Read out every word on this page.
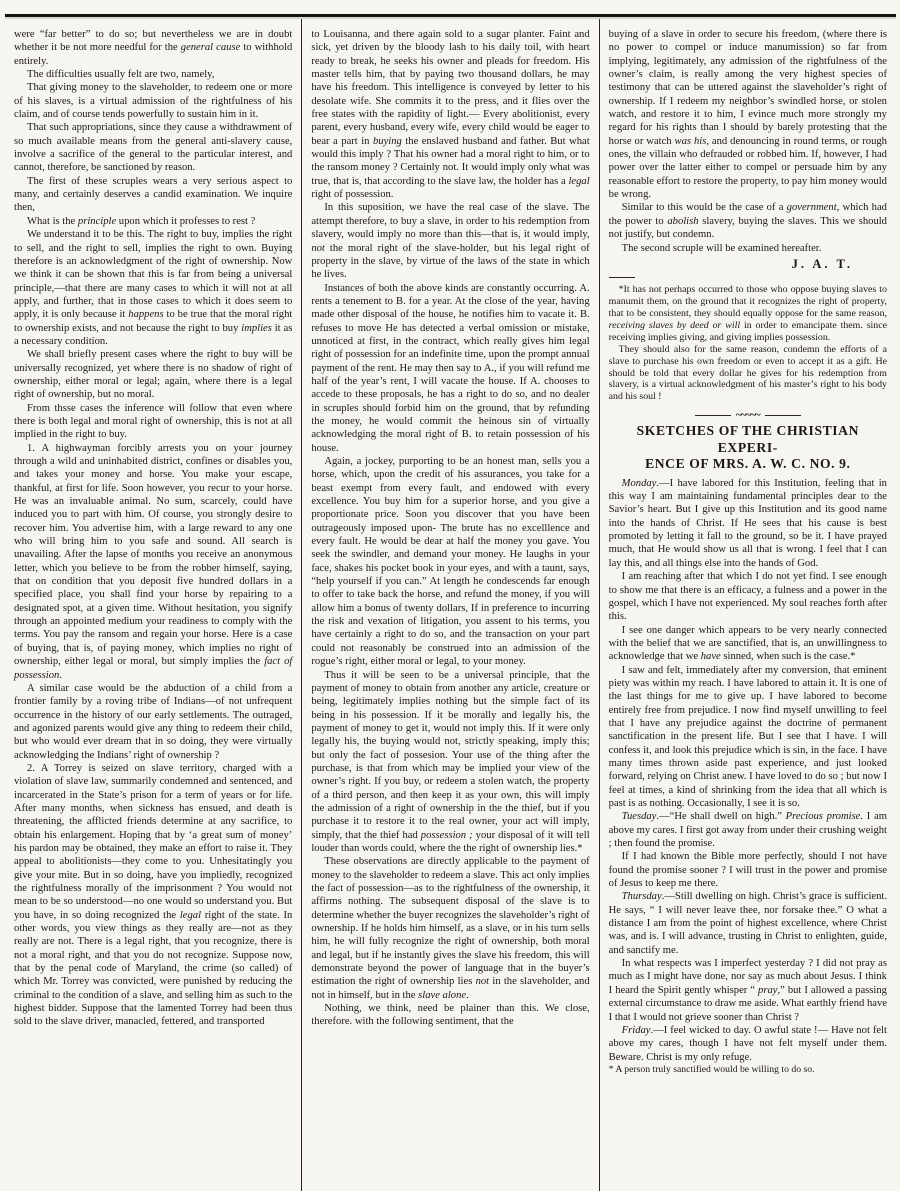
were “far better” to do so; but nevertheless we are in doubt whether it be not more needful for the general cause to withhold entirely.

The difficulties usually felt are two, namely,

That giving money to the slaveholder, to redeem one or more of his slaves, is a virtual admission of the rightfulness of his claim, and of course tends powerfully to sustain him in it.

That such appropriations, since they cause a withdrawment of so much available means from the general anti-slavery cause, involve a sacrifice of the general to the particular interest, and cannot, therefore, be sanctioned by reason.

The first of these scruples wears a very serious aspect to many, and certainly deserves a candid examination. We inquire then,

What is the principle upon which it professes to rest ?

We understand it to be this. The right to buy, implies the right to sell, and the right to sell, implies the right to own. Buying therefore is an acknowledgment of the right of ownership. Now we think it can be shown that this is far from being a universal principle,—that there are many cases to which it will not at all apply, and further, that in those cases to which it does seem to apply, it is only because it happens to be true that the moral right to ownership exists, and not because the right to buy implies it as a necessary condition.

We shall briefly present cases where the right to buy will be universally recognized, yet where there is no shadow of right of ownership, either moral or legal; again, where there is a legal right of ownership, but no moral.

From thsse cases the inference will follow that even where there is both legal and moral right of ownership, this is not at all implied in the right to buy.

1. A highwayman forcibly arrests you on your journey through a wild and uninhabited district, confines or disables you, and takes your money and horse. You make your escape, thankful, at first for life. Soon however, you recur to your horse. He was an invaluable animal. No sum, scarcely, could have induced you to part with him. Of course, you strongly desire to recover him. You advertise him, with a large reward to any one who will bring him to you safe and sound. All search is unavailing. After the lapse of months you receive an anonymous letter, which you believe to be from the robber himself, saying, that on condition that you deposit five hundred dollars in a specified place, you shall find your horse by repairing to a designated spot, at a given time. Without hesitation, you signify through an appointed medium your readiness to comply with the terms. You pay the ransom and regain your horse. Here is a case of buying, that is, of paying money, which implies no right of ownership, either legal or moral, but simply implies the fact of possession.

A similar case would be the abduction of a child from a frontier family by a roving tribe of Indians—of not unfrequent occurrence in the history of our early settlements. The outraged, and agonized parents would give any thing to redeem their child, but who would ever dream that in so doing, they were virtually acknowledging the Indians’ right of ownership ?

2. A Torrey is seized on slave territory, charged with a violation of slave law, summarily condemned and sentenced, and incarcerated in the State’s prison for a term of years or for life. After many months, when sickness has ensued, and death is threatening, the afflicted friends determine at any sacrifice, to obtain his enlargement. Hoping that by ‘a great sum of money’ his pardon may be obtained, they make an effort to raise it. They appeal to abolitionists—they come to you. Unhesitatingly you give your mite. But in so doing, have you impliedly, recognized the rightfulness morally of the imprisonment ? You would not mean to be so understood—no one would so understand you. But you have, in so doing recognized the legal right of the state. In other words, you view things as they really are—not as they really are not. There is a legal right, that you recognize, there is not a moral right, and that you do not recognize. Suppose now, that by the penal code of Maryland, the crime (so called) of which Mr. Torrey was convicted, were punished by reducing the criminal to the condition of a slave, and selling him as such to the highest bidder. Suppose that the lamented Torrey had been thus sold to the slave driver, manacled, fettered, and transported

to Louisanna, and there again sold to a sugar planter. Faint and sick, yet driven by the bloody lash to his daily toil, with heart ready to break, he seeks his owner and pleads for freedom. His master tells him, that by paying two thousand dollars, he may have his freedom. This intelligence is conveyed by letter to his desolate wife. She commits it to the press, and it flies over the free states with the rapidity of light.— Every abolitionist, every parent, every husband, every wife, every child would be eager to bear a part in buying the enslaved husband and father. But what would this imply ? That his owner had a moral right to him, or to the ransom money ? Certainly not. It would imply only what was true, that is, that according to the slave law, the holder has a legal right of possession.

In this suposition, we have the real case of the slave. The attempt therefore, to buy a slave, in order to his redemption from slavery, would imply no more than this—that is, it would imply, not the moral right of the slave-holder, but his legal right of property in the slave, by virtue of the laws of the state in which he lives.

Instances of both the above kinds are constantly occurring. A. rents a tenement to B. for a year. At the close of the year, having made other disposal of the house, he notifies him to vacate it. B. refuses to move He has detected a verbal omission or mistake, unnoticed at first, in the contract, which really gives him legal right of possession for an indefinite time, upon the prompt annual payment of the rent. He may then say to A., if you will refund me half of the year’s rent, I will vacate the house. If A. chooses to accede to these proposals, he has a right to do so, and no dealer in scruples should forbid him on the ground, that by refunding the money, he would commit the heinous sin of virtually acknowledging the moral right of B. to retain possession of his house.

Again, a jockey, purporting to be an honest man, sells you a horse, which, upon the credit of his assurances, you take for a beast exempt from every fault, and endowed with every excellence. You buy him for a superior horse, and you give a proportionate price. Soon you discover that you have been outrageously imposed upon- The brute has no excelllence and every fault. He would be dear at half the money you gave. You seek the swindler, and demand your money. He laughs in your face, shakes his pocket book in your eyes, and with a taunt, says, “help yourself if you can.” At length he condescends far enough to offer to take back the horse, and refund the money, if you will allow him a bonus of twenty dollars, If in preference to incurring the risk and vexation of litigation, you assent to his terms, you have certainly a right to do so, and the transaction on your part could not reasonably be construed into an admission of the rogue’s right, either moral or legal, to your money.

Thus it will be seen to be a universal principle, that the payment of money to obtain from another any article, creature or being, legitimately implies nothing but the simple fact of its being in his possession. If it be morally and legally his, the payment of money to get it, would not imply this. If it were only legally his, the buying would not, strictly speaking, imply this; but only the fact of possesion. Your use of the thing after the purchase, is that from which may be implied your view of the owner’s right. If you buy, or redeem a stolen watch, the property of a third person, and then keep it as your own, this will imply the admission of a right of ownership in the the thief, but if you purchase it to restore it to the real owner, your act will imply, simply, that the thief had possession ; your disposal of it will tell louder than words could, where the the right of ownership lies.*

These observations are directly applicable to the payment of money to the slaveholder to redeem a slave. This act only implies the fact of possession—as to the rightfulness of the ownership, it affirms nothing. The subsequent disposal of the slave is to determine whether the buyer recognizes the slaveholder’s right of ownership. If he holds him himself, as a slave, or in his turn sells him, he will fully recognize the right of ownership, both moral and legal, but if he instantly gives the slave his freedom, this will demonstrate beyond the power of language that in the buyer’s estimation the right of ownership lies not in the slaveholder, and not in himself, but in the slave alone.

Nothing, we think, need be plainer than this. We close, therefore. with the following sentiment, that the

buying of a slave in order to secure his freedom, (where there is no power to compel or induce manumission) so far from implying, legitimately, any admission of the rightfulness of the owner’s claim, is really among the very highest species of testimony that can be uttered against the slaveholder’s right of ownership. If I redeem my neighbor’s swindled horse, or stolen watch, and restore it to him, I evince much more strongly my regard for his rights than I should by barely protesting that the horse or watch was his, and denouncing in round terms, or rough ones, the villain who defrauded or robbed him. If, however, I had power over the latter either to compel or persuade him by any reasonable effort to restore the property, to pay him money would be wrong.

Similar to this would be the case of a government, which had the power to abolish slavery, buying the slaves. This we should not justify, but condemn.

The second scruple will be examined hereafter.

J. A. T.

*It has not perhaps occurred to those who oppose buying slaves to manumit them, on the ground that it recognizes the right of property, that to be consistent, they should equally oppose for the same reason, receiving slaves by deed or will in order to emancipate them. since receiving implies giving, and giving implies possession.

They should also for the same reason, condemn the efforts of a slave to purchase his own freedom or even to accept it as a gift. He should be told that every dollar he gives for his redemption from slavery, is a virtual acknowledgment of his master’s right to his body and his soul !

~~~~~
SKETCHES OF THE CHRISTIAN EXPERI-
ENCE OF MRS. A. W. C. NO. 9.

Monday.—I have labored for this Institution, feeling that in this way I am maintaining fundamental principles dear to the Savior’s heart. But I give up this Institution and its good name into the hands of Christ. If He sees that his cause is best promoted by letting it fall to the ground, so be it. I have prayed much, that He would show us all that is wrong. I feel that I can lay this, and all things else into the hands of God.

I am reaching after that which I do not yet find. I see enough to show me that there is an efficacy, a fulness and a power in the gospel, which I have not experienced. My soul reaches forth after this.

I see one danger which appears to be very nearly connected with the belief that we are sanctified, that is, an unwillingness to acknowledge that we have sinned, when such is the case.*

I saw and felt, immediately after my conversion, that eminent piety was within my reach. I have labored to attain it. It is one of the last things for me to give up. I have labored to become entirely free from prejudice. I now find myself unwilling to feel that I have any prejudice against the doctrine of permanent sanctification in the present life. But I see that I have. I will confess it, and look this prejudice which is sin, in the face. I have many times thrown aside past experience, and just looked forward, relying on Christ anew. I have loved to do so ; but now I feel at times, a kind of shrinking from the idea that all which is past is as nothing. Occasionally, I see it is so.

Tuesday.—“He shall dwell on high.” Precious promise. I am above my cares. I first got away from under their crushing weight ; then found the promise.

If I had known the Bible more perfectly, should I not have found the promise sooner ? I will trust in the power and promise of Jesus to keep me there.

Thursday.—Still dwelling on high. Christ’s grace is sufficient. He says, “ I will never leave thee, nor forsake thee.” O what a distance I am from the point of highest excellence, where Christ was, and is. I will advance, trusting in Christ to enlighten, guide, and sanctify me.

In what respects was I imperfect yesterday ? I did not pray as much as I might have done, nor say as much about Jesus. I think I heard the Spirit gently whisper “ pray,” but I allowed a passing external circumstance to draw me aside. What earthly friend have I that I would not grieve sooner than Christ ?

Friday.—I feel wicked to day. O awful state !— Have not felt above my cares, though I have not felt myself under them. Beware. Christ is my only refuge.

* A person truly sanctified would be willing to do so.
